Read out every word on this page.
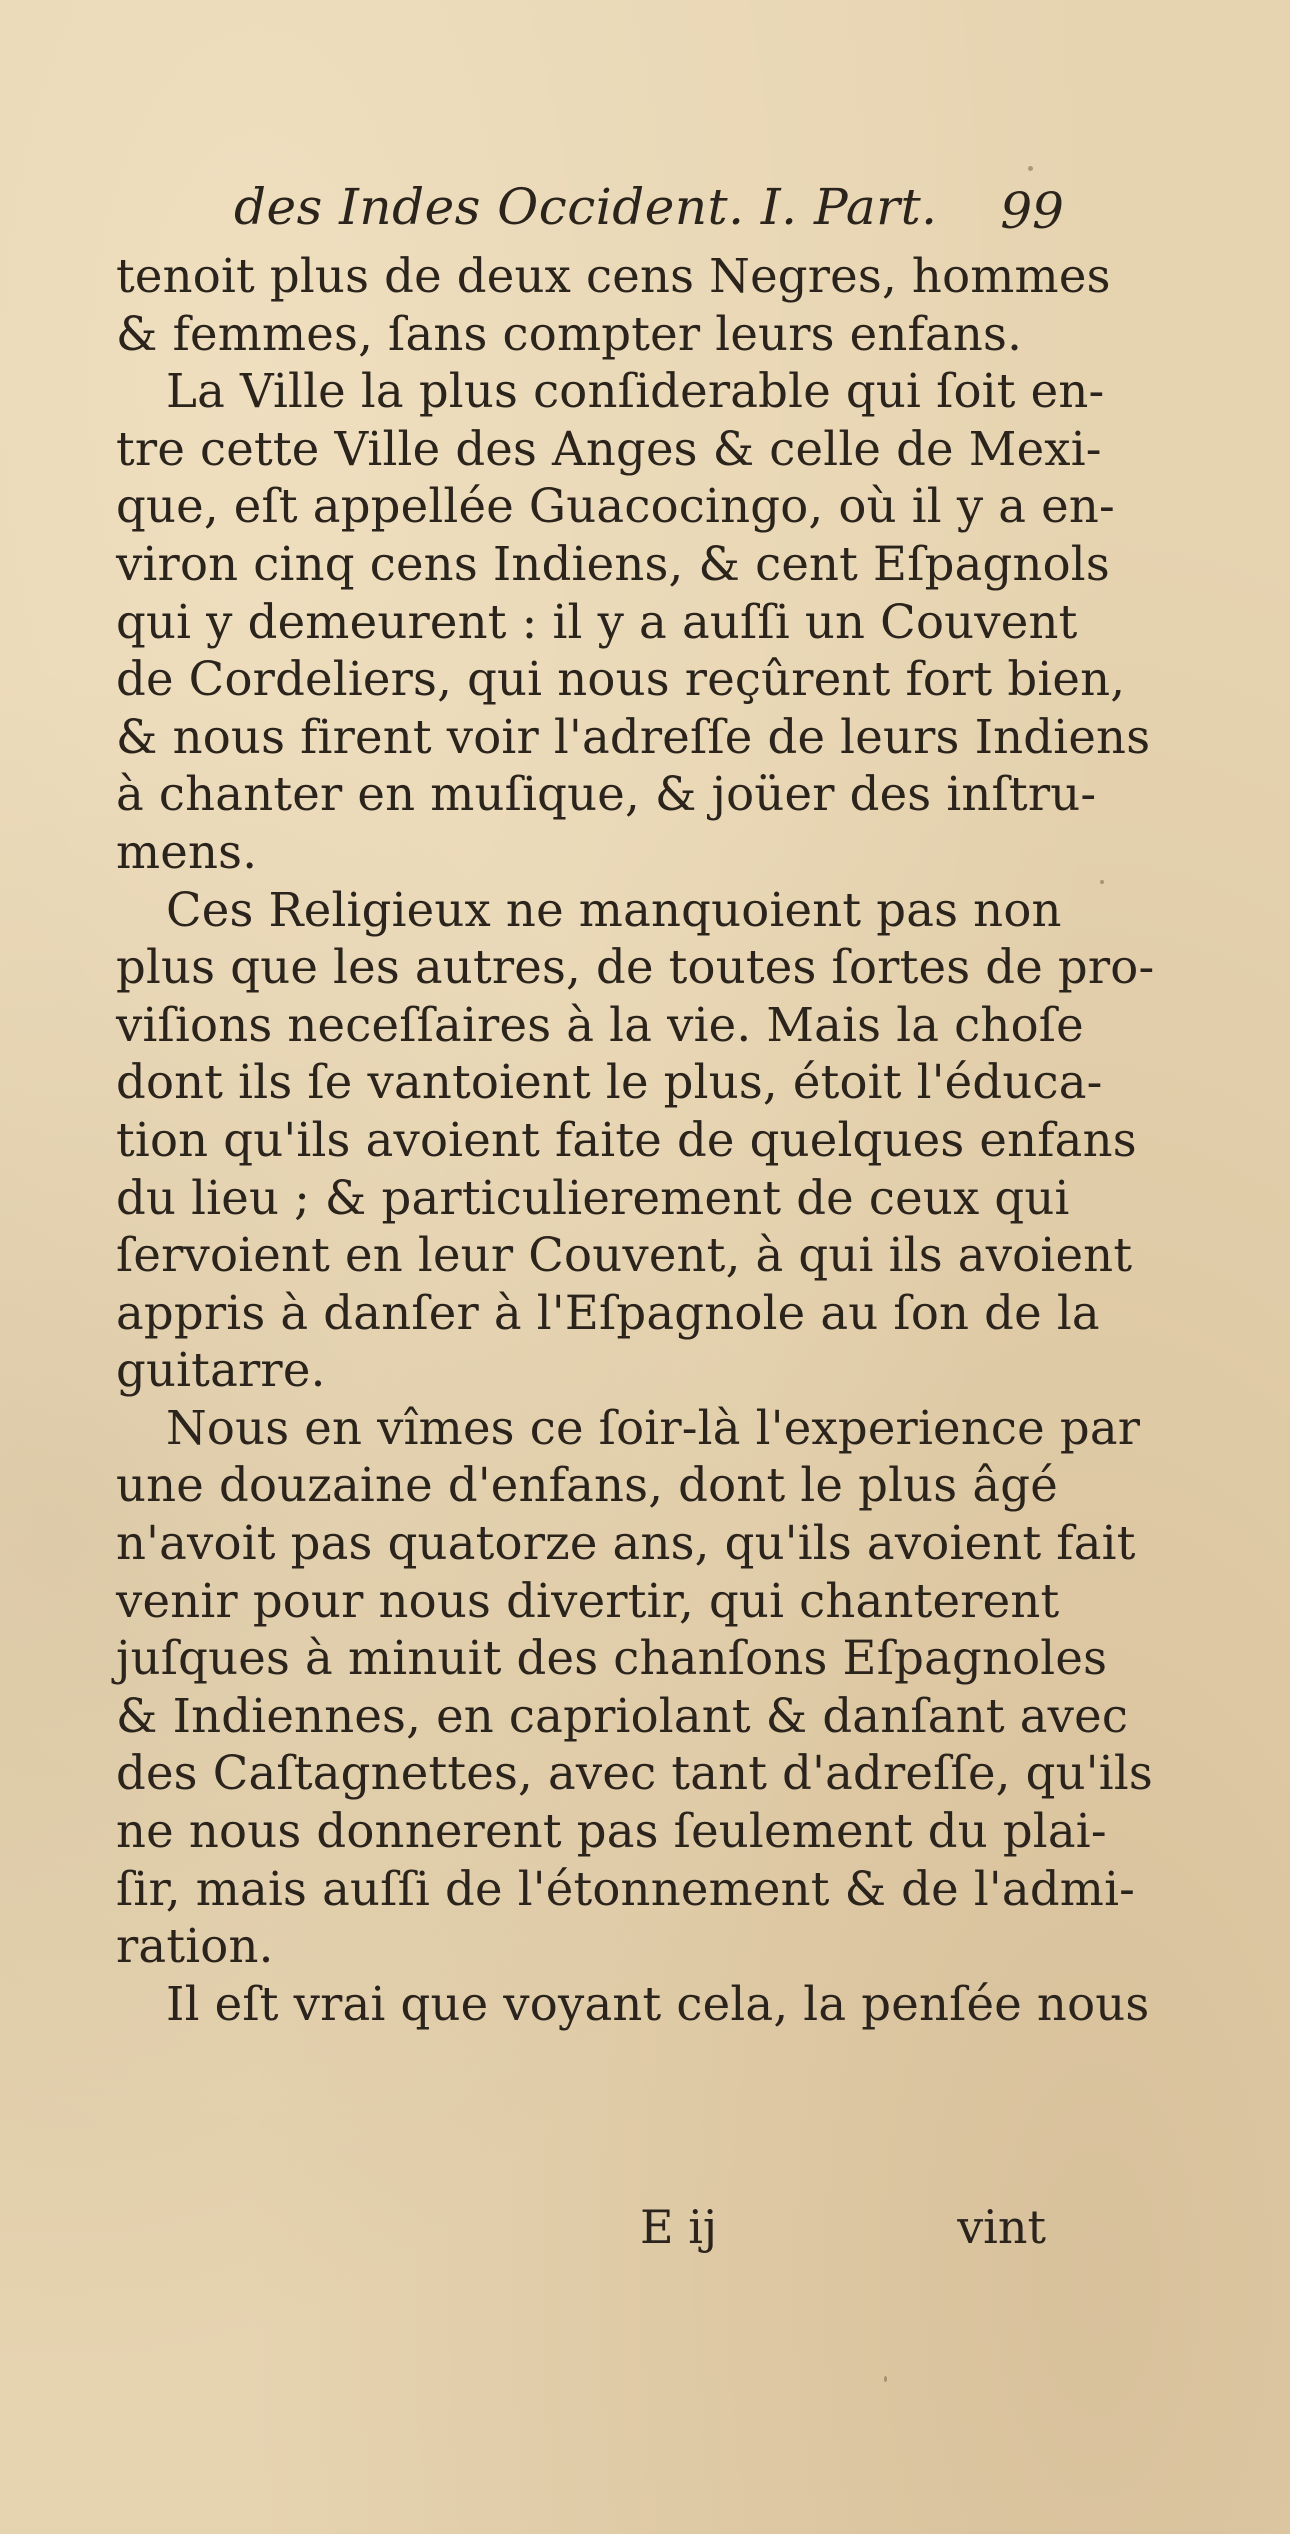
des Indes Occident. I. Part. 99
tenoit plus de deux cens Negres, hommes
& femmes, ſans compter leurs enfans.
La Ville la plus conſiderable qui ſoit en-
tre cette Ville des Anges & celle de Mexi-
que, eſt appellée Guacocingo, où il y a en-
viron cinq cens Indiens, & cent Eſpagnols
qui y demeurent : il y a auſſi un Couvent
de Cordeliers, qui nous reçûrent fort bien,
& nous firent voir l'adreſſe de leurs Indiens
à chanter en muſique, & joüer des inſtru-
mens.
Ces Religieux ne manquoient pas non
plus que les autres, de toutes ſortes de pro-
viſions neceſſaires à la vie. Mais la choſe
dont ils ſe vantoient le plus, étoit l'éduca-
tion qu'ils avoient faite de quelques enfans
du lieu ; & particulierement de ceux qui
ſervoient en leur Couvent, à qui ils avoient
appris à danſer à l'Eſpagnole au ſon de la
guitarre.
Nous en vîmes ce ſoir-là l'experience par
une douzaine d'enfans, dont le plus âgé
n'avoit pas quatorze ans, qu'ils avoient fait
venir pour nous divertir, qui chanterent
juſques à minuit des chanſons Eſpagnoles
& Indiennes, en capriolant & danſant avec
des Caſtagnettes, avec tant d'adreſſe, qu'ils
ne nous donnerent pas ſeulement du plai-
ſir, mais auſſi de l'étonnement & de l'admi-
ration.
Il eſt vrai que voyant cela, la penſée nous
E ij	vint
